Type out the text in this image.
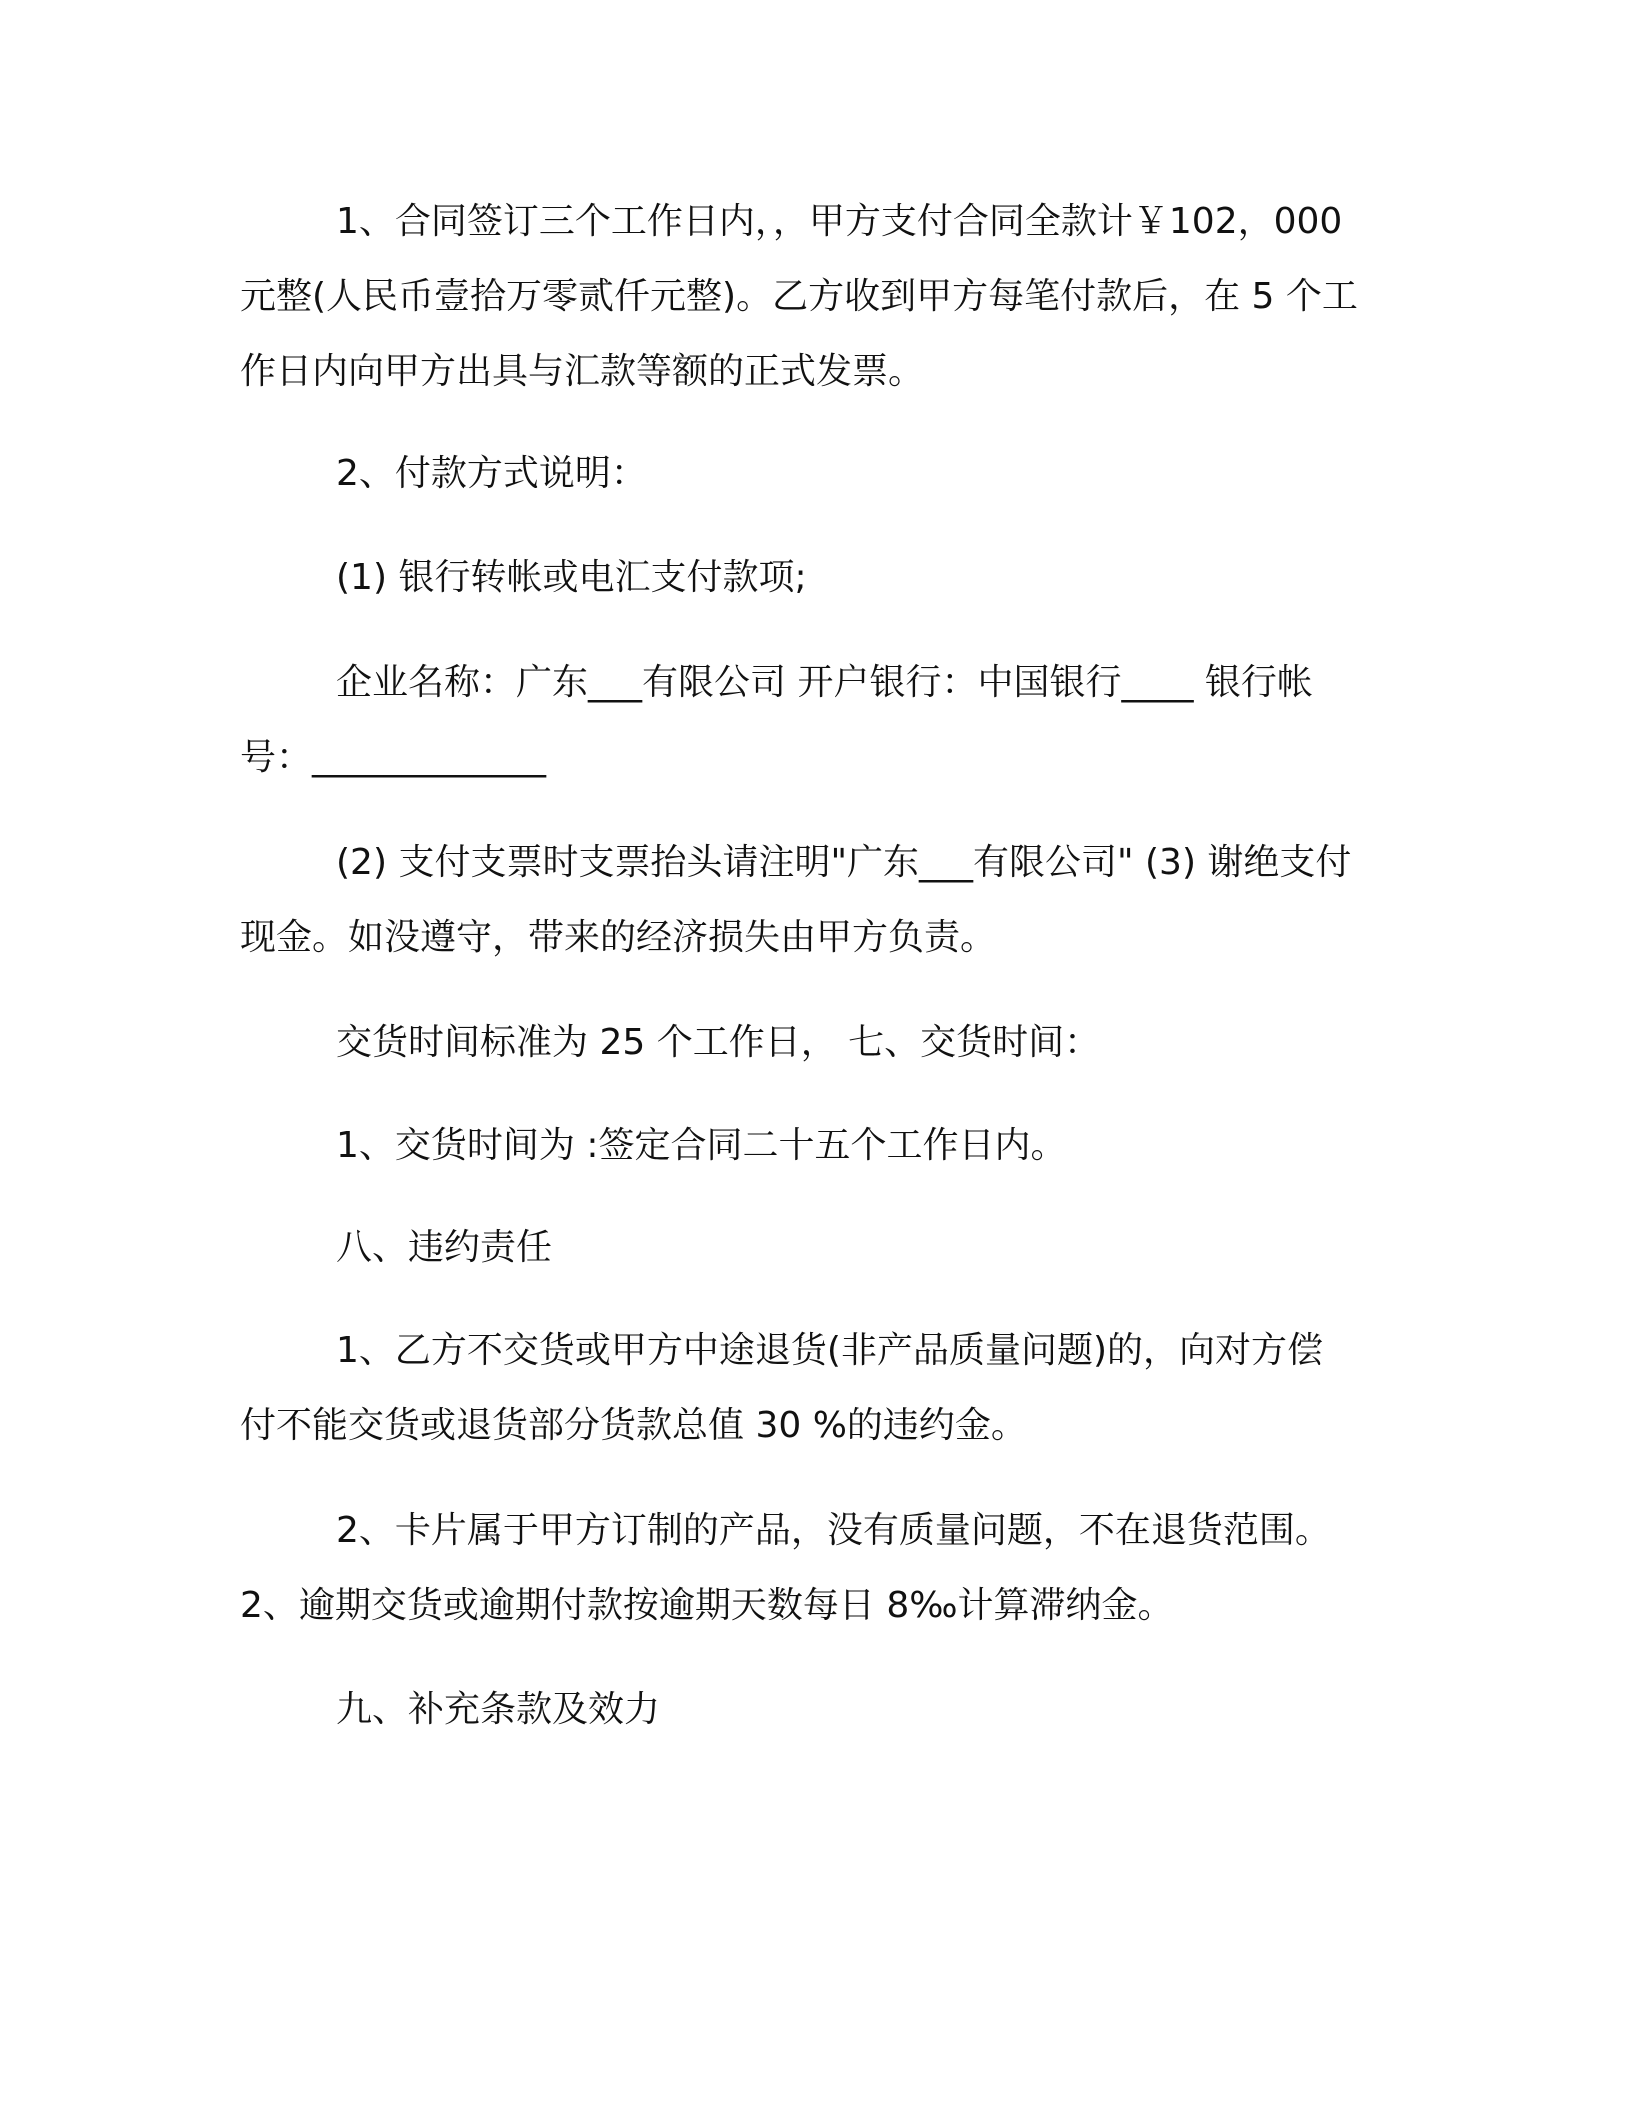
1、合同签订三个工作日内，，甲方支付合同全款计￥102，000
元整(人民币壹拾万零贰仟元整)。乙方收到甲方每笔付款后，在 5 个工
作日内向甲方出具与汇款等额的正式发票。
2、付款方式说明：
(1) 银行转帐或电汇支付款项;
企业名称：广东___有限公司 开户银行：中国银行____ 银行帐
号：_____________
(2) 支付支票时支票抬头请注明"广东___有限公司" (3) 谢绝支付
现金。如没遵守，带来的经济损失由甲方负责。
交货时间标准为 25 个工作日， 七、交货时间：
1、交货时间为 :签定合同二十五个工作日内。
八、违约责任
1、乙方不交货或甲方中途退货(非产品质量问题)的，向对方偿
付不能交货或退货部分货款总值 30 %的违约金。
2、卡片属于甲方订制的产品，没有质量问题，不在退货范围。
2、逾期交货或逾期付款按逾期天数每日 8‰计算滞纳金。
九、补充条款及效力
